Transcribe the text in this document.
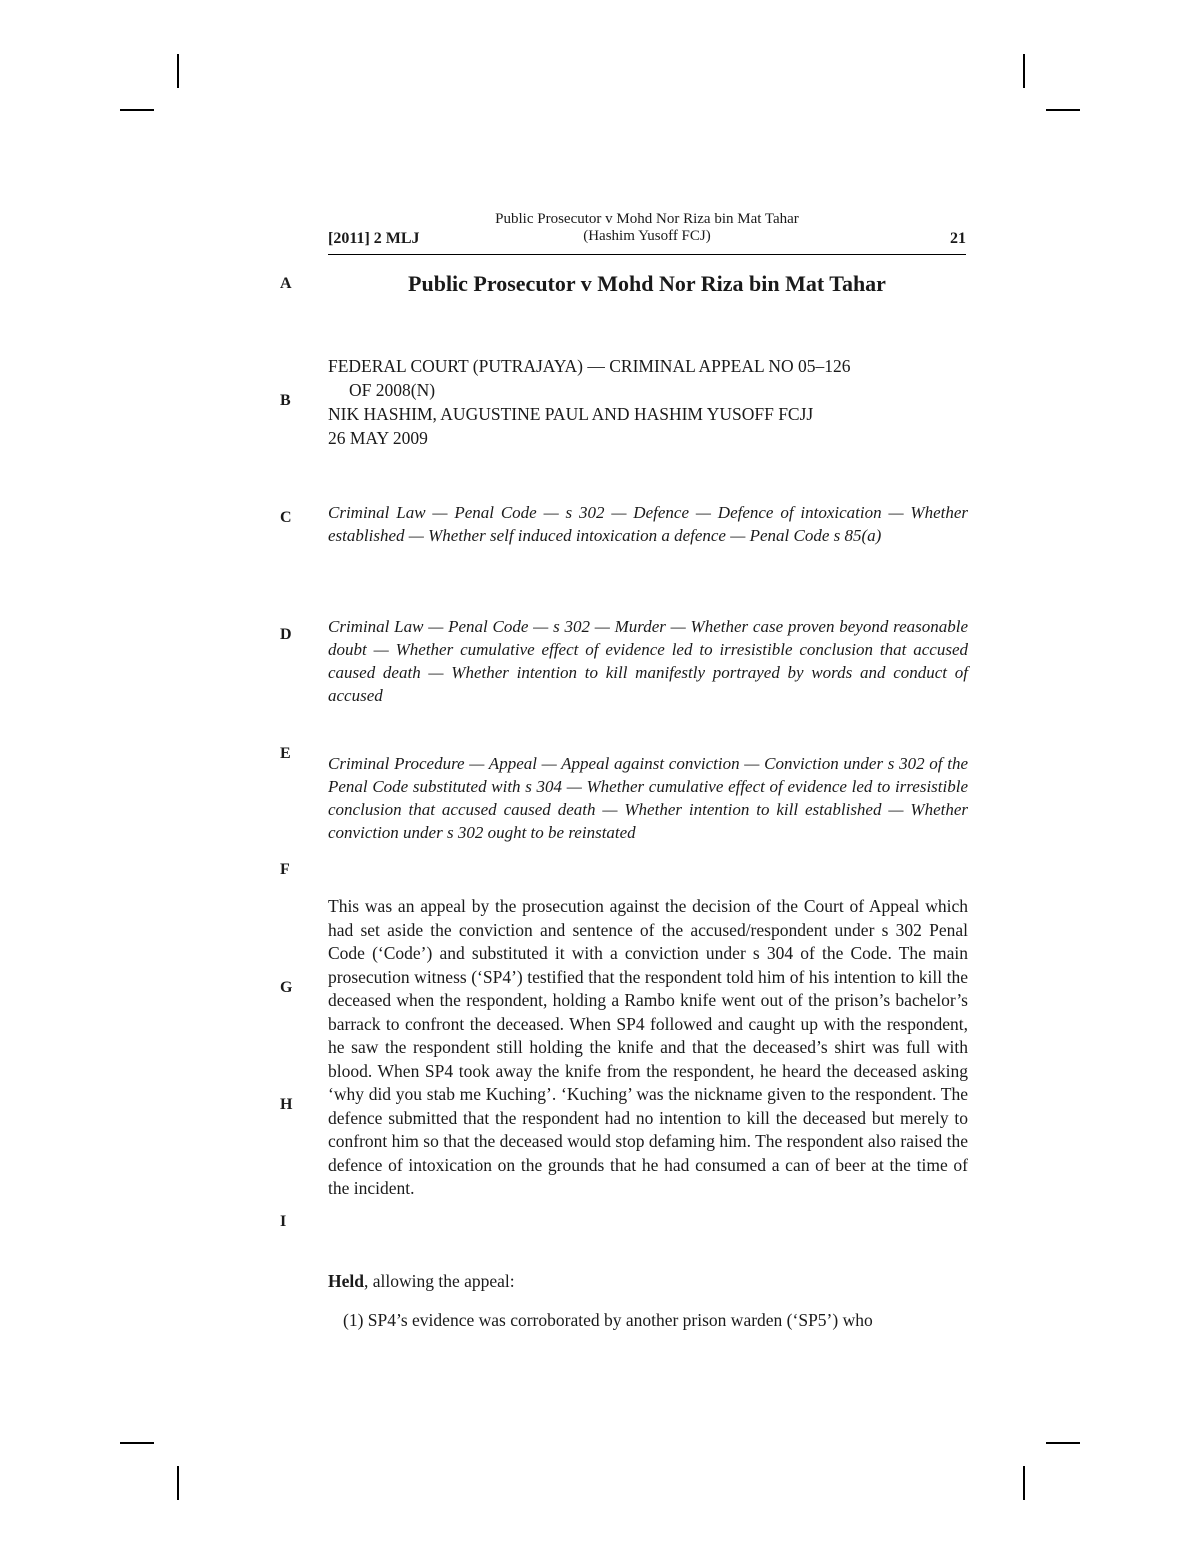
[2011] 2 MLJ
Public Prosecutor v Mohd Nor Riza bin Mat Tahar
(Hashim Yusoff FCJ)	21
A
B
C
D
E
F
G
H
I
Public Prosecutor v Mohd Nor Riza bin Mat Tahar
FEDERAL COURT (PUTRAJAYA) — CRIMINAL APPEAL NO 05–126
OF 2008(N)
NIK HASHIM, AUGUSTINE PAUL AND HASHIM YUSOFF FCJJ
26 MAY 2009
Criminal Law — Penal Code — s 302 — Defence — Defence of intoxication — Whether established — Whether self induced intoxication a defence — Penal Code s 85(a)
Criminal Law — Penal Code — s 302 — Murder — Whether case proven beyond reasonable doubt — Whether cumulative effect of evidence led to irresistible conclusion that accused caused death — Whether intention to kill manifestly portrayed by words and conduct of accused
Criminal Procedure — Appeal — Appeal against conviction — Conviction under s 302 of the Penal Code substituted with s 304 — Whether cumulative effect of evidence led to irresistible conclusion that accused caused death — Whether intention to kill established — Whether conviction under s 302 ought to be reinstated
This was an appeal by the prosecution against the decision of the Court of Appeal which had set aside the conviction and sentence of the accused/respondent under s 302 Penal Code (‘Code’) and substituted it with a conviction under s 304 of the Code. The main prosecution witness (‘SP4’) testified that the respondent told him of his intention to kill the deceased when the respondent, holding a Rambo knife went out of the prison’s bachelor’s barrack to confront the deceased. When SP4 followed and caught up with the respondent, he saw the respondent still holding the knife and that the deceased’s shirt was full with blood. When SP4 took away the knife from the respondent, he heard the deceased asking ‘why did you stab me Kuching’. ‘Kuching’ was the nickname given to the respondent. The defence submitted that the respondent had no intention to kill the deceased but merely to confront him so that the deceased would stop defaming him. The respondent also raised the defence of intoxication on the grounds that he had consumed a can of beer at the time of the incident.
Held, allowing the appeal:
(1) SP4’s evidence was corroborated by another prison warden (‘SP5’) who
